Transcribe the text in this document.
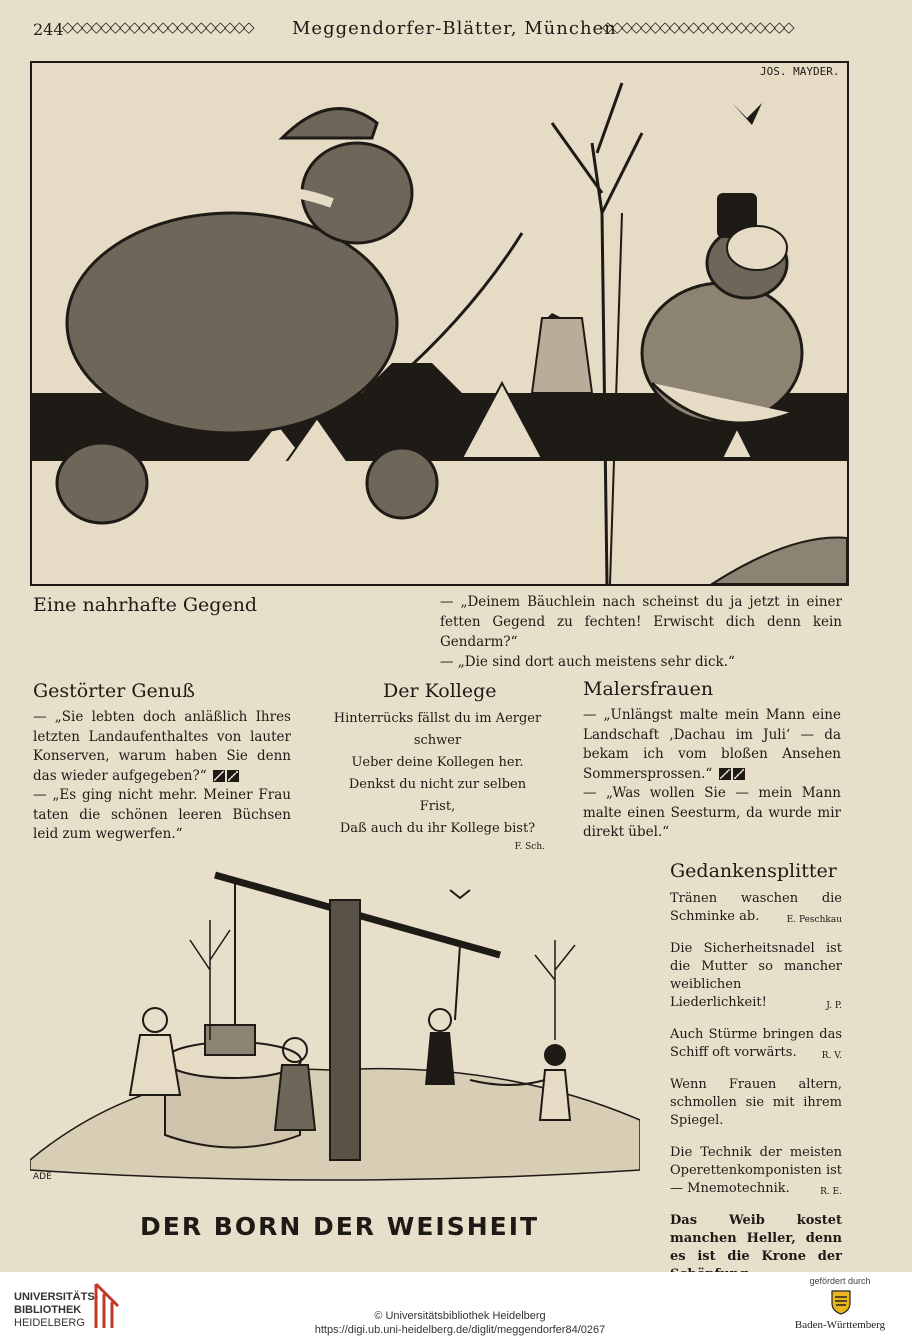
244
◇◇◇◇◇◇◇◇◇◇◇◇◇◇◇◇◇◇◇◇	Meggendorfer-Blätter, München
◇◇◇◇◇◇◇◇◇◇◇◇◇◇◇◇◇◇◇◇
JOS. MAYDER.
Eine nahrhafte Gegend	— „Deinem Bäuchlein nach scheinst du ja jetzt in einer fetten Gegend zu fechten! Erwischt dich denn kein Gendarm?“

— „Die sind dort auch meistens sehr dick.“

Gestörter Genuß

— „Sie lebten doch anläßlich Ihres letzten Landaufenthaltes von lauter Konserven, warum haben Sie denn das wieder aufgegeben?“

— „Es ging nicht mehr. Meiner Frau taten die schönen leeren Büchsen leid zum wegwerfen.“

Der Kollege
Hinterrücks fällst du im Aerger
schwer
Ueber deine Kollegen her.
Denkst du nicht zur selben Frist,
Daß auch du ihr Kollege bist?
F. Sch.
Malersfrauen

— „Unlängst malte mein Mann eine Landschaft ‚Dachau im Juli‘ — da bekam ich vom bloßen Ansehen Sommersprossen.“

— „Was wollen Sie — mein Mann malte einen Seesturm, da wurde mir direkt übel.“

ADE
DER BORN DER WEISHEIT
Gedankensplitter

Tränen waschen die Schminke ab.	E. Peschkau

Die Sicherheitsnadel ist die Mutter so mancher weiblichen Liederlichkeit!	J. P.

Auch Stürme bringen das Schiff oft vorwärts.	R. V.

Wenn Frauen altern, schmollen sie mit ihrem Spiegel.

Die Technik der meisten Operettenkomponisten ist — Mnemotechnik.	R. E.

Das Weib kostet manchen Heller, denn es ist die Krone der

UNIVERSITÄTS-
BIBLIOTHEK
HEIDELBERG
© Universitätsbibliothek Heidelberg
https://digi.ub.uni-heidelberg.de/diglit/meggendorfer84/0267
gefördert durch
Baden-Württemberg
